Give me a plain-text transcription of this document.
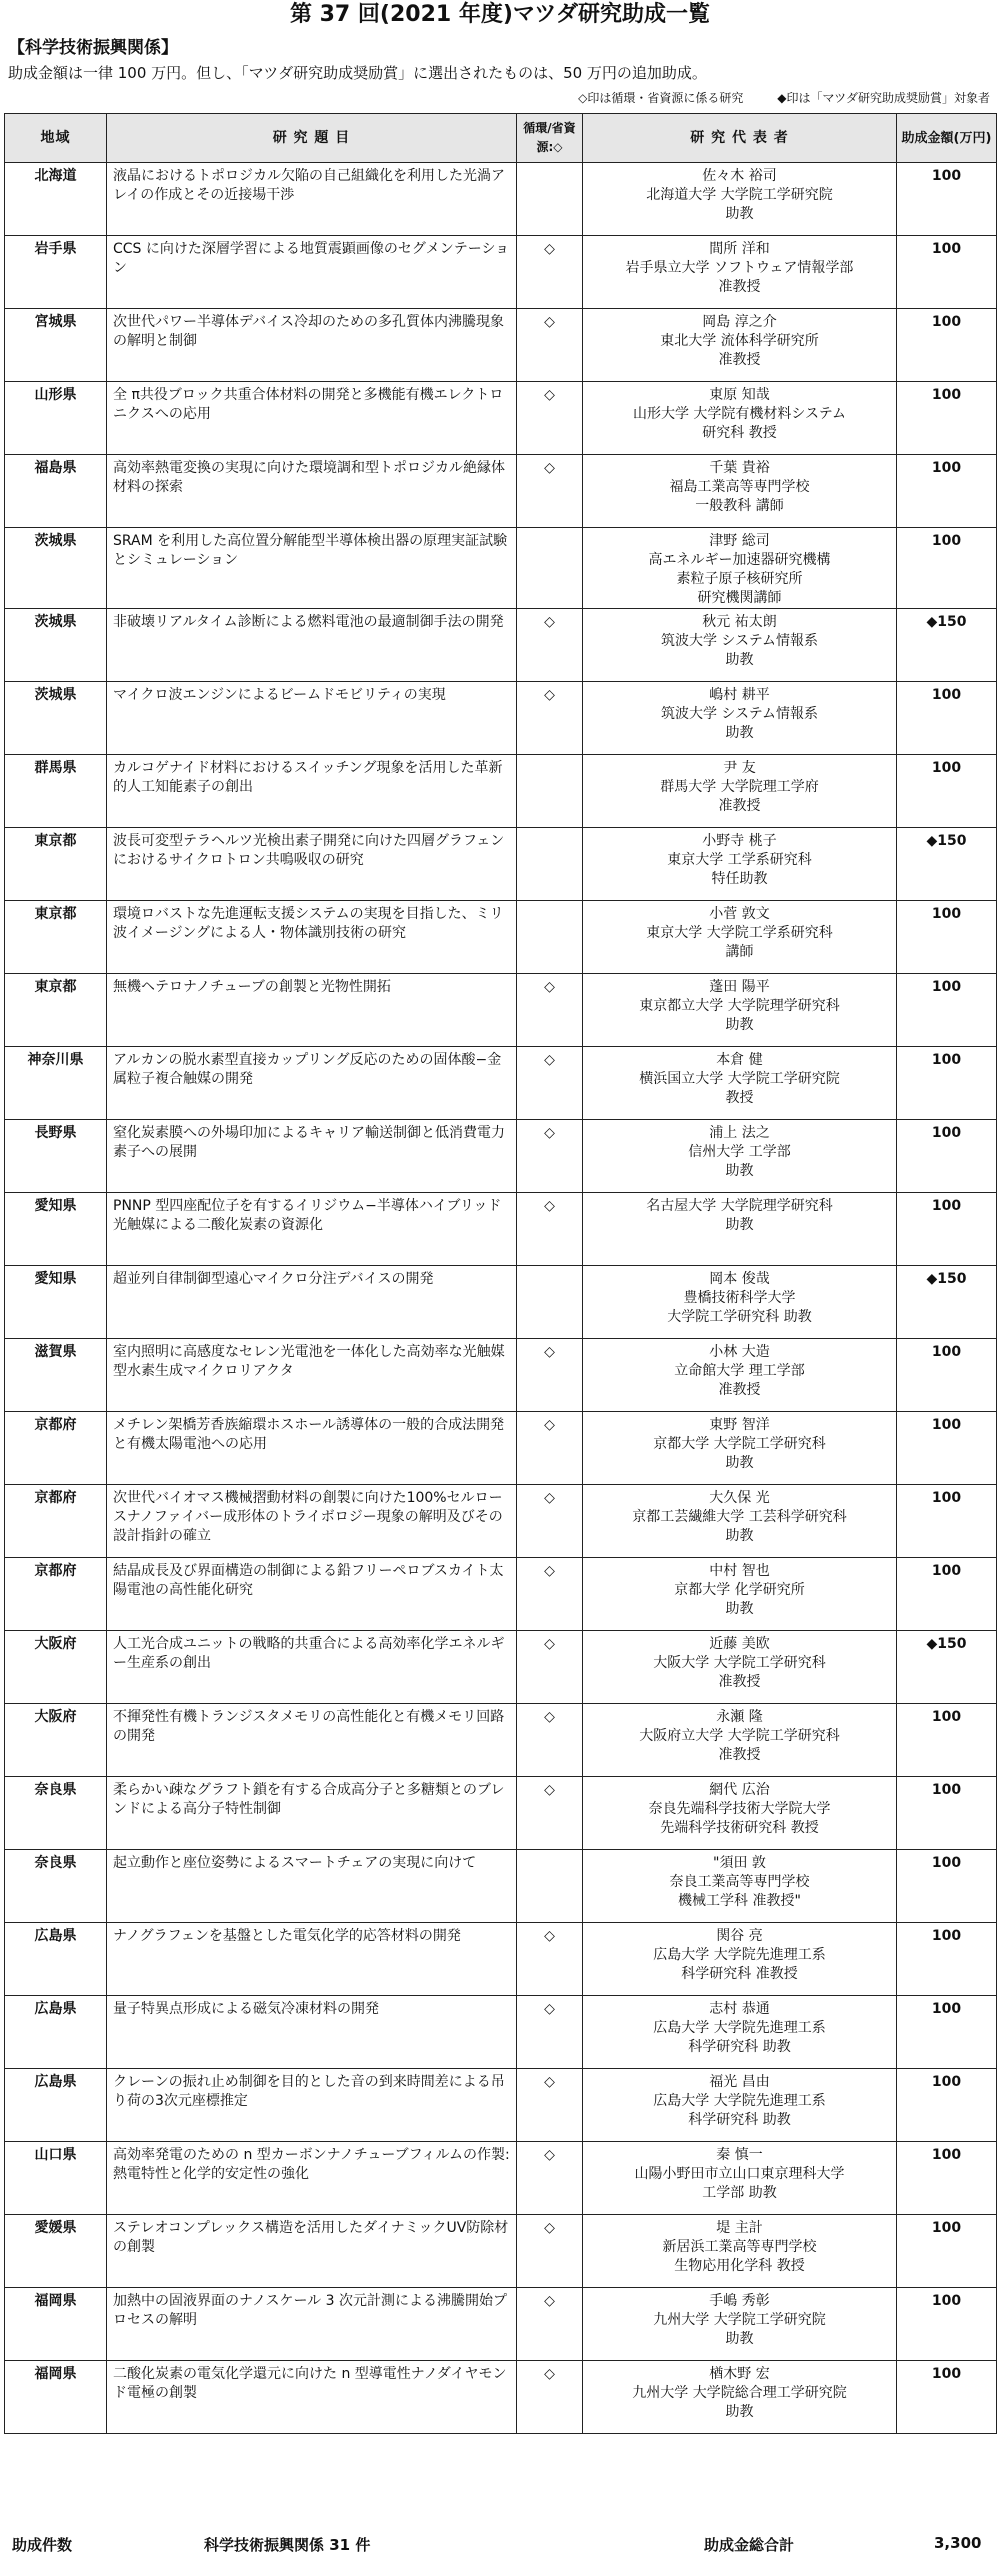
第 37 回(2021 年度)マツダ研究助成一覧
【科学技術振興関係】
助成金額は一律 100 万円。但し、「マツダ研究助成奨励賞」に選出されたものは、50 万円の追加助成。
◇印は循環・省資源に係る研究	◆印は「マツダ研究助成奨励賞」対象者
地域	研 究 題 目	循環/省資源:◇	研 究 代 表 者	助成金額(万円)
北海道	液晶におけるトポロジカル欠陥の自己組織化を利用した光渦アレイの作成とその近接場干渉		佐々木 裕司
北海道大学 大学院工学研究院
助教	100
岩手県	CCS に向けた深層学習による地質震顕画像のセグメンテーション	◇	間所 洋和
岩手県立大学 ソフトウェア情報学部
准教授	100
宮城県	次世代パワー半導体デバイス冷却のための多孔質体内沸騰現象の解明と制御	◇	岡島 淳之介
東北大学 流体科学研究所
准教授	100
山形県	全 π共役ブロック共重合体材料の開発と多機能有機エレクトロニクスへの応用	◇	東原 知哉
山形大学 大学院有機材料システム
研究科 教授	100
福島県	高効率熱電変換の実現に向けた環境調和型トポロジカル絶縁体材料の探索	◇	千葉 貴裕
福島工業高等専門学校
一般教科 講師	100
茨城県	SRAM を利用した高位置分解能型半導体検出器の原理実証試験とシミュレーション		津野 総司
高エネルギー加速器研究機構
素粒子原子核研究所
研究機関講師	100
茨城県	非破壊リアルタイム診断による燃料電池の最適制御手法の開発	◇	秋元 祐太朗
筑波大学 システム情報系
助教	◆150
茨城県	マイクロ波エンジンによるビームドモビリティの実現	◇	嶋村 耕平
筑波大学 システム情報系
助教	100
群馬県	カルコゲナイド材料におけるスイッチング現象を活用した革新的人工知能素子の創出		尹 友
群馬大学 大学院理工学府
准教授	100
東京都	波長可変型テラヘルツ光検出素子開発に向けた四層グラフェンにおけるサイクロトロン共鳴吸収の研究		小野寺 桃子
東京大学 工学系研究科
特任助教	◆150
東京都	環境ロバストな先進運転支援システムの実現を目指した、ミリ波イメージングによる人・物体識別技術の研究		小菅 敦文
東京大学 大学院工学系研究科
講師	100
東京都	無機ヘテロナノチューブの創製と光物性開拓	◇	蓬田 陽平
東京都立大学 大学院理学研究科
助教	100
神奈川県	アルカンの脱水素型直接カップリング反応のための固体酸−金属粒子複合触媒の開発	◇	本倉 健
横浜国立大学 大学院工学研究院
教授	100
長野県	窒化炭素膜への外場印加によるキャリア輸送制御と低消費電力素子への展開	◇	浦上 法之
信州大学 工学部
助教	100
愛知県	PNNP 型四座配位子を有するイリジウム−半導体ハイブリッド光触媒による二酸化炭素の資源化	◇	名古屋大学 大学院理学研究科
助教	100
愛知県	超並列自律制御型遠心マイクロ分注デバイスの開発		岡本 俊哉
豊橋技術科学大学
大学院工学研究科 助教	◆150
滋賀県	室内照明に高感度なセレン光電池を一体化した高効率な光触媒型水素生成マイクロリアクタ	◇	小林 大造
立命館大学 理工学部
准教授	100
京都府	メチレン架橋芳香族縮環ホスホール誘導体の一般的合成法開発と有機太陽電池への応用	◇	東野 智洋
京都大学 大学院工学研究科
助教	100
京都府	次世代バイオマス機械摺動材料の創製に向けた100%セルロースナノファイバー成形体のトライボロジー現象の解明及びその設計指針の確立	◇	大久保 光
京都工芸繊維大学 工芸科学研究科
助教	100
京都府	結晶成長及び界面構造の制御による鉛フリーペロブスカイト太陽電池の高性能化研究	◇	中村 智也
京都大学 化学研究所
助教	100
大阪府	人工光合成ユニットの戦略的共重合による高効率化学エネルギー生産系の創出	◇	近藤 美欧
大阪大学 大学院工学研究科
准教授	◆150
大阪府	不揮発性有機トランジスタメモリの高性能化と有機メモリ回路の開発	◇	永瀬 隆
大阪府立大学 大学院工学研究科
准教授	100
奈良県	柔らかい疎なグラフト鎖を有する合成高分子と多糖類とのブレンドによる高分子特性制御	◇	網代 広治
奈良先端科学技術大学院大学
先端科学技術研究科 教授	100
奈良県	起立動作と座位姿勢によるスマートチェアの実現に向けて		"須田 敦
奈良工業高等専門学校
機械工学科 准教授"	100
広島県	ナノグラフェンを基盤とした電気化学的応答材料の開発	◇	関谷 亮
広島大学 大学院先進理工系
科学研究科 准教授	100
広島県	量子特異点形成による磁気冷凍材料の開発	◇	志村 恭通
広島大学 大学院先進理工系
科学研究科 助教	100
広島県	クレーンの振れ止め制御を目的とした音の到来時間差による吊り荷の3次元座標推定	◇	福光 昌由
広島大学 大学院先進理工系
科学研究科 助教	100
山口県	高効率発電のための n 型カーボンナノチューブフィルムの作製:熱電特性と化学的安定性の強化	◇	秦 慎一
山陽小野田市立山口東京理科大学
工学部 助教	100
愛媛県	ステレオコンプレックス構造を活用したダイナミックUV防除材の創製	◇	堤 主計
新居浜工業高等専門学校
生物応用化学科 教授	100
福岡県	加熱中の固液界面のナノスケール 3 次元計測による沸騰開始プロセスの解明	◇	手嶋 秀彰
九州大学 大学院工学研究院
助教	100
福岡県	二酸化炭素の電気化学還元に向けた n 型導電性ナノダイヤモンド電極の創製	◇	楢木野 宏
九州大学 大学院総合理工学研究院
助教	100
助成件数	科学技術振興関係 31 件	助成金総合計	3,300
